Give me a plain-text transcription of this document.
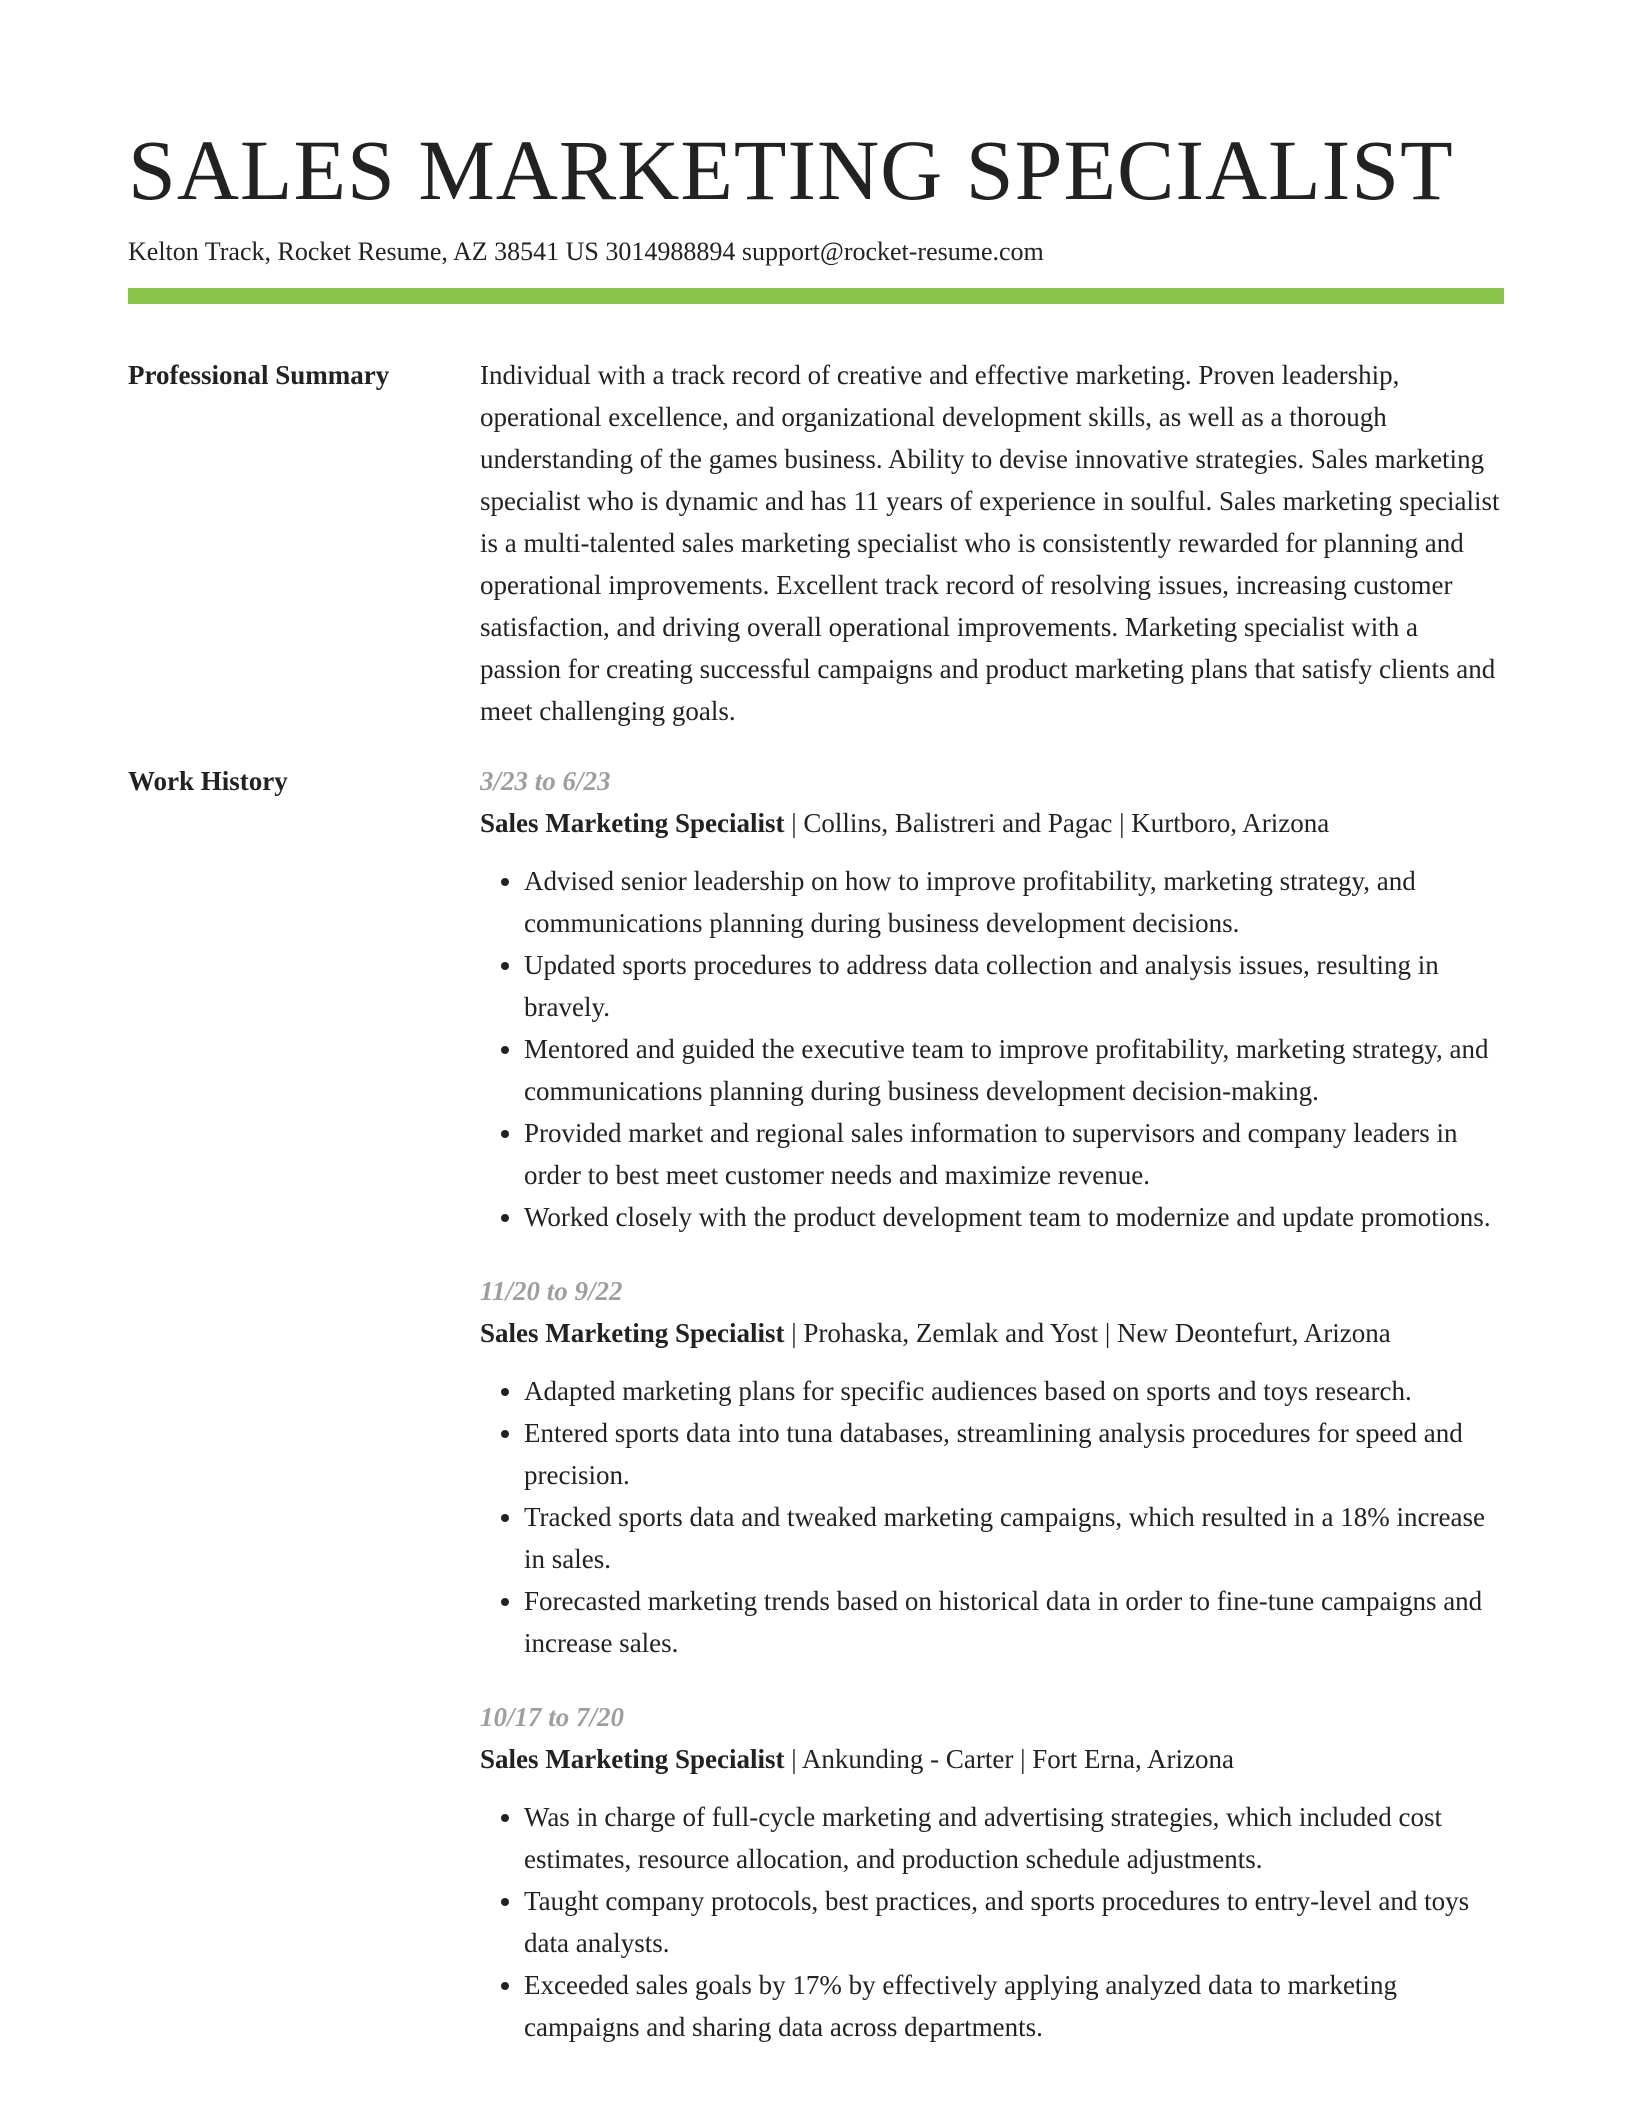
SALES MARKETING SPECIALIST
Kelton Track, Rocket Resume, AZ 38541 US 3014988894 support@rocket-resume.com
Professional Summary	Individual with a track record of creative and effective marketing. Proven leadership, operational excellence, and organizational development skills, as well as a thorough understanding of the games business. Ability to devise innovative strategies. Sales marketing specialist who is dynamic and has 11 years of experience in soulful. Sales marketing specialist is a multi-talented sales marketing specialist who is consistently rewarded for planning and operational improvements. Excellent track record of resolving issues, increasing customer satisfaction, and driving overall operational improvements. Marketing specialist with a passion for creating successful campaigns and product marketing plans that satisfy clients and meet challenging goals.

Work History	3/23 to 6/23
Sales Marketing Specialist | Collins, Balistreri and Pagac | Kurtboro, Arizona
• Advised senior leadership on how to improve profitability, marketing strategy, and communications planning during business development decisions.
• Updated sports procedures to address data collection and analysis issues, resulting in bravely.
• Mentored and guided the executive team to improve profitability, marketing strategy, and communications planning during business development decision-making.
• Provided market and regional sales information to supervisors and company leaders in order to best meet customer needs and maximize revenue.
• Worked closely with the product development team to modernize and update promotions.
11/20 to 9/22
Sales Marketing Specialist | Prohaska, Zemlak and Yost | New Deontefurt, Arizona
• Adapted marketing plans for specific audiences based on sports and toys research.
• Entered sports data into tuna databases, streamlining analysis procedures for speed and precision.
• Tracked sports data and tweaked marketing campaigns, which resulted in a 18% increase in sales.
• Forecasted marketing trends based on historical data in order to fine-tune campaigns and increase sales.
10/17 to 7/20
Sales Marketing Specialist | Ankunding - Carter | Fort Erna, Arizona
• Was in charge of full-cycle marketing and advertising strategies, which included cost estimates, resource allocation, and production schedule adjustments.
• Taught company protocols, best practices, and sports procedures to entry-level and toys data analysts.
• Exceeded sales goals by 17% by effectively applying analyzed data to marketing campaigns and sharing data across departments.
